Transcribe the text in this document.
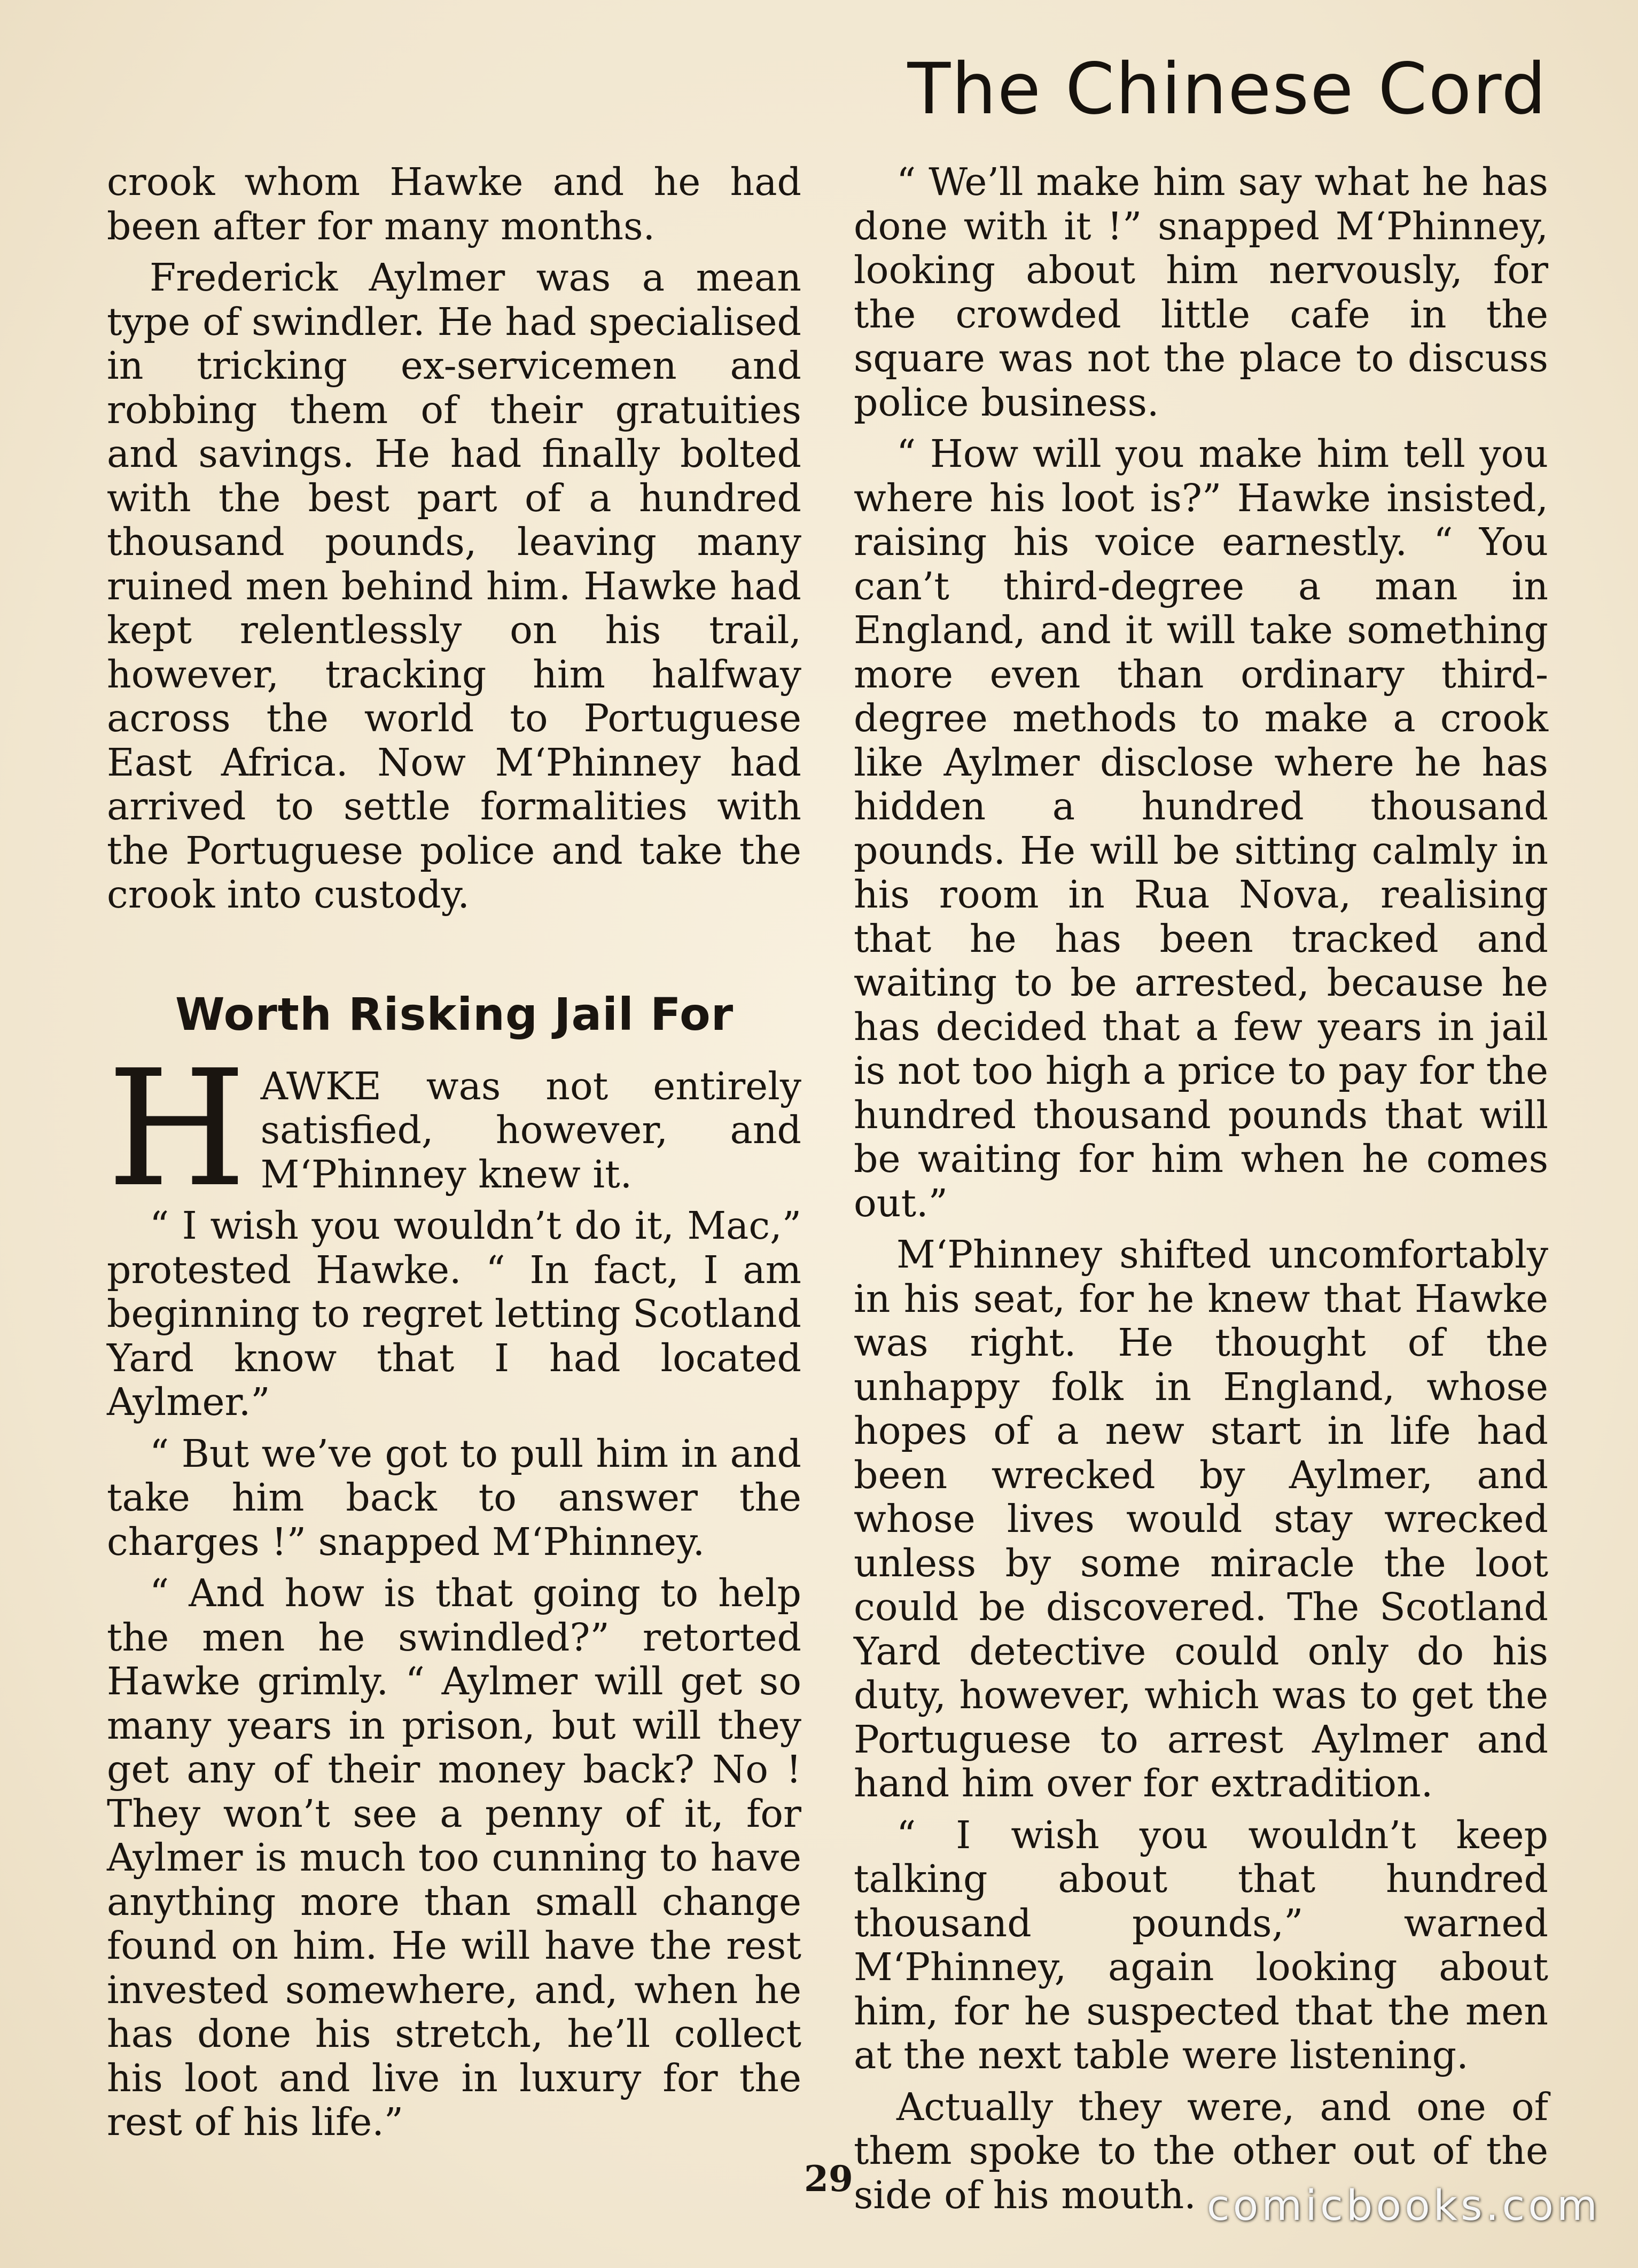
The Chinese Cord

crook whom Hawke and he had been after for many months.

Frederick Aylmer was a mean type of swindler. He had specialised in tricking ex-servicemen and robbing them of their gratuities and savings. He had finally bolted with the best part of a hundred thousand pounds, leaving many ruined men behind him. Hawke had kept relentlessly on his trail, however, tracking him halfway across the world to Portuguese East Africa. Now M‘Phinney had arrived to settle formalities with the Portuguese police and take the crook into custody.

Worth Risking Jail For

HAWKE was not entirely satisfied, however, and M‘Phinney knew it.

“ I wish you wouldn’t do it, Mac,” protested Hawke. “ In fact, I am beginning to regret letting Scotland Yard know that I had located Aylmer.”

“ But we’ve got to pull him in and take him back to answer the charges !” snapped M‘Phinney.

“ And how is that going to help the men he swindled?” retorted Hawke grimly. “ Aylmer will get so many years in prison, but will they get any of their money back? No ! They won’t see a penny of it, for Aylmer is much too cunning to have anything more than small change found on him. He will have the rest invested somewhere, and, when he has done his stretch, he’ll collect his loot and live in luxury for the rest of his life.”

“ We’ll make him say what he has done with it !” snapped M‘Phinney, looking about him nervously, for the crowded little cafe in the square was not the place to discuss police business.

“ How will you make him tell you where his loot is?” Hawke insisted, raising his voice earnestly. “ You can’t third-degree a man in England, and it will take something more even than ordinary third-degree methods to make a crook like Aylmer disclose where he has hidden a hundred thousand pounds. He will be sitting calmly in his room in Rua Nova, realising that he has been tracked and waiting to be arrested, because he has decided that a few years in jail is not too high a price to pay for the hundred thousand pounds that will be waiting for him when he comes out.”

M‘Phinney shifted uncomfortably in his seat, for he knew that Hawke was right. He thought of the unhappy folk in England, whose hopes of a new start in life had been wrecked by Aylmer, and whose lives would stay wrecked unless by some miracle the loot could be discovered. The Scotland Yard detective could only do his duty, however, which was to get the Portuguese to arrest Aylmer and hand him over for extradition.

“ I wish you wouldn’t keep talking about that hundred thousand pounds,” warned M‘Phinney, again looking about him, for he suspected that the men at the next table were listening.

Actually they were, and one of them spoke to the other out of the side of his mouth.

29
comicbooks.com
